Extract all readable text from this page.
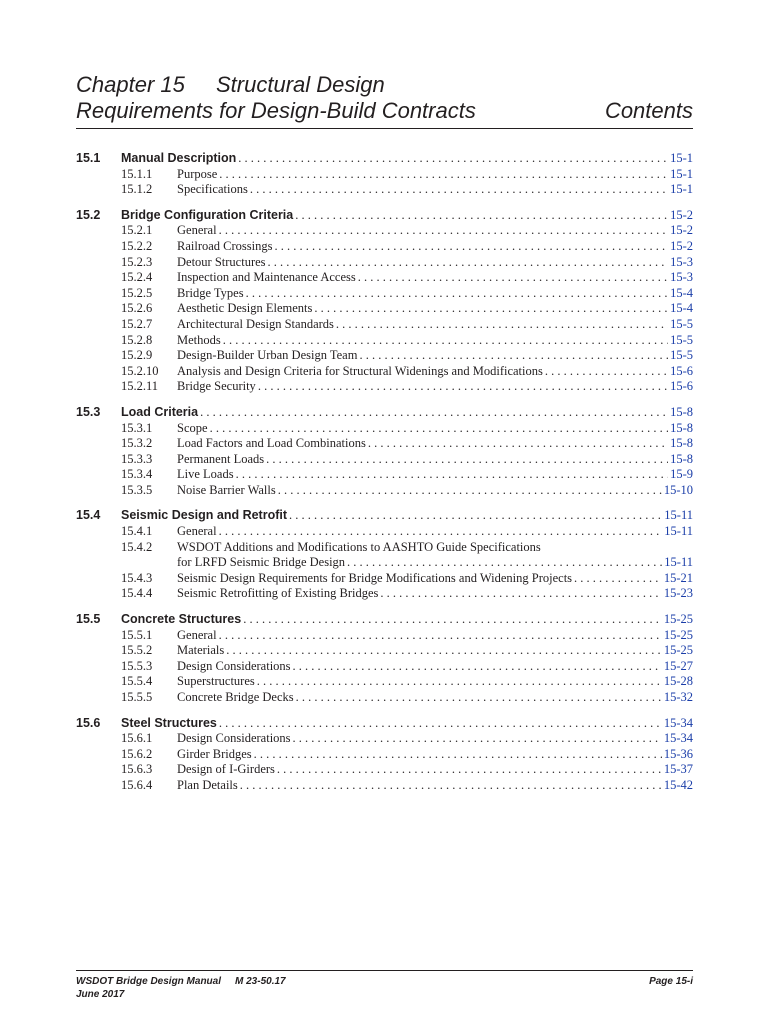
Chapter 15 Structural Design
Requirements for Design-Build Contracts	Contents
15.1	Manual Description . . .	15-1
15.1.1	Purpose . . .	15-1
15.1.2	Specifications . . .	15-1
15.2	Bridge Configuration Criteria . . .	15-2
15.2.1	General . . .	15-2
15.2.2	Railroad Crossings . . .	15-2
15.2.3	Detour Structures . . .	15-3
15.2.4	Inspection and Maintenance Access . . .	15-3
15.2.5	Bridge Types . . .	15-4
15.2.6	Aesthetic Design Elements . . .	15-4
15.2.7	Architectural Design Standards . . .	15-5
15.2.8	Methods . . .	15-5
15.2.9	Design-Builder Urban Design Team . . .	15-5
15.2.10	Analysis and Design Criteria for Structural Widenings and Modifications . . .	15-6
15.2.11	Bridge Security . . .	15-6
15.3	Load Criteria . . .	15-8
15.3.1	Scope . . .	15-8
15.3.2	Load Factors and Load Combinations . . .	15-8
15.3.3	Permanent Loads . . .	15-8
15.3.4	Live Loads . . .	15-9
15.3.5	Noise Barrier Walls . . .	15-10
15.4	Seismic Design and Retrofit . . .	15-11
15.4.1	General . . .	15-11
15.4.2	WSDOT Additions and Modifications to AASHTO Guide Specifications
for LRFD Seismic Bridge Design . . .	15-11
15.4.3	Seismic Design Requirements for Bridge Modifications and Widening Projects . . .	15-21
15.4.4	Seismic Retrofitting of Existing Bridges . . .	15-23
15.5	Concrete Structures . . .	15-25
15.5.1	General . . .	15-25
15.5.2	Materials . . .	15-25
15.5.3	Design Considerations . . .	15-27
15.5.4	Superstructures . . .	15-28
15.5.5	Concrete Bridge Decks . . .	15-32
15.6	Steel Structures . . .	15-34
15.6.1	Design Considerations . . .	15-34
15.6.2	Girder Bridges . . .	15-36
15.6.3	Design of I-Girders . . .	15-37
15.6.4	Plan Details . . .	15-42
WSDOT Bridge Design Manual M 23-50.17	Page 15-i
June 2017
